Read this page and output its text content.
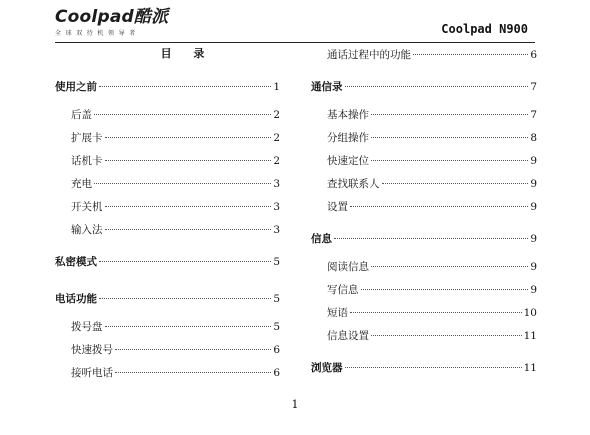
Coolpad酷派
全球双待机领导者	Coolpad N900
目 录
使用之前	1
后盖	2
扩展卡	2
话机卡	2
充电	3
开关机	3
输入法	3
私密模式	5
电话功能	5
拨号盘	5
快速拨号	6
接听电话	6
通话过程中的功能	6
通信录	7
基本操作	7
分组操作	8
快速定位	9
查找联系人	9
设置	9
信息	9
阅读信息	9
写信息	9
短语	10
信息设置	11
浏览器	11
1
